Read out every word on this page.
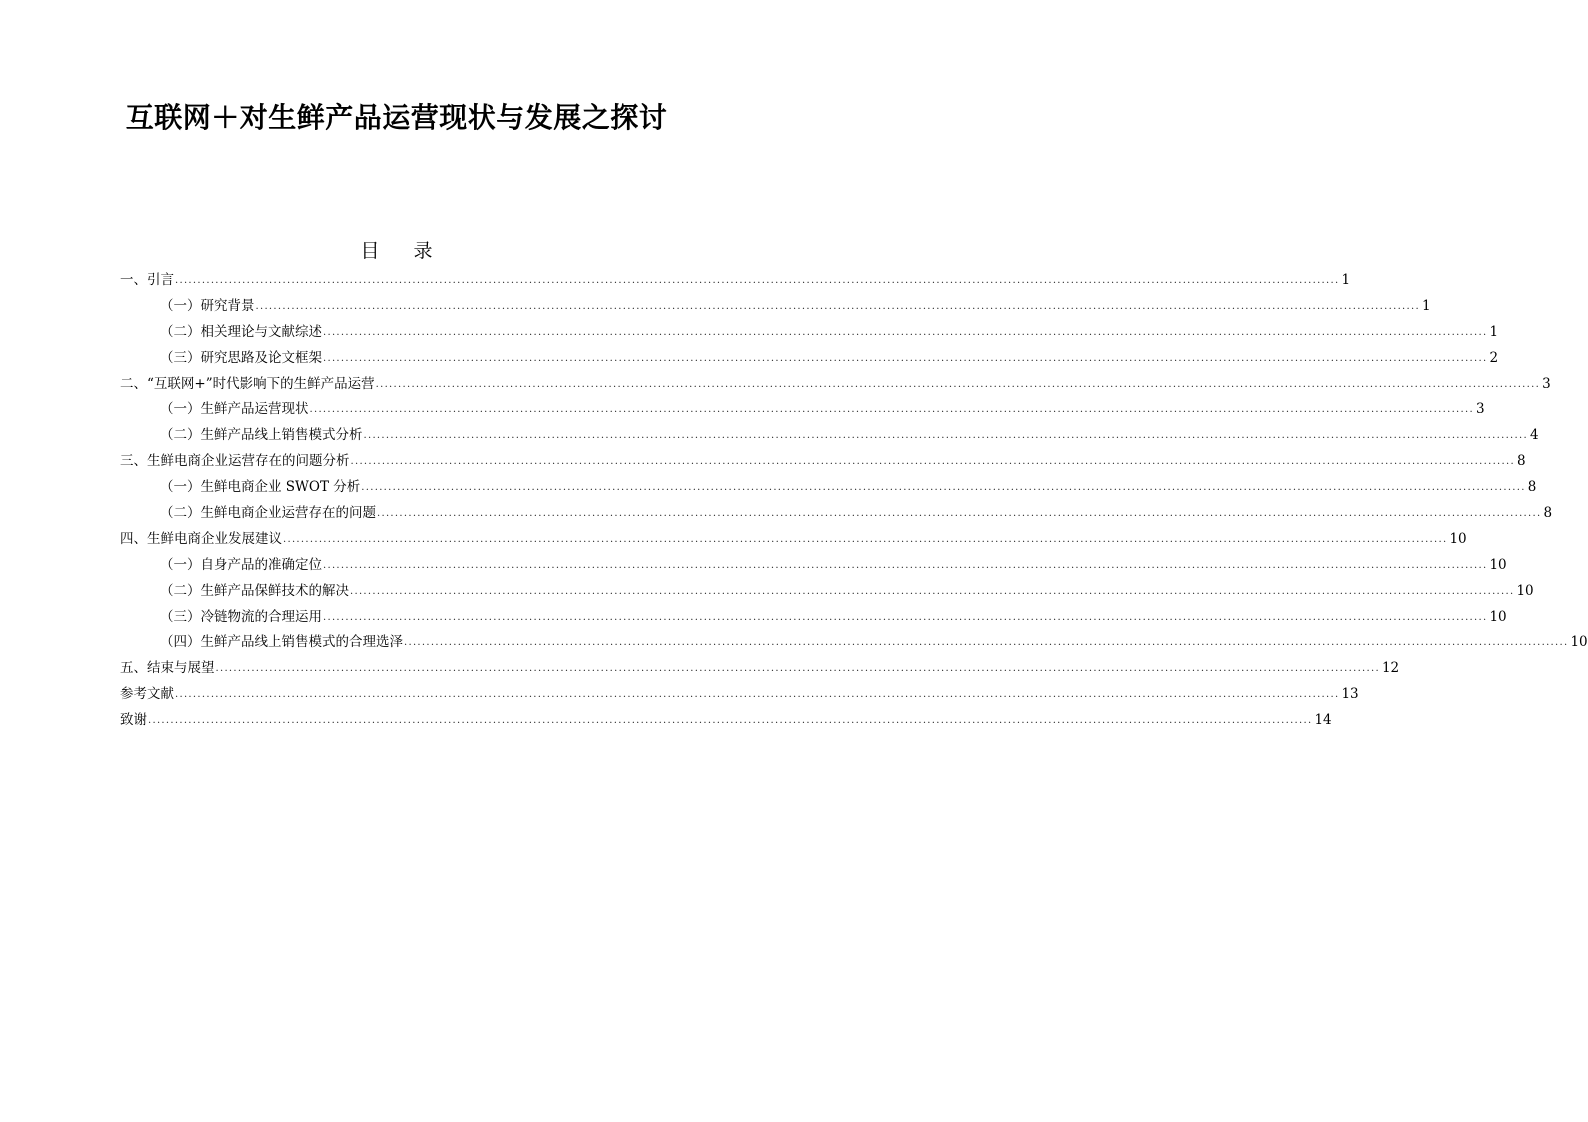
互联网＋对生鲜产品运营现状与发展之探讨
目 录
一、 引言 .................................................................................................................................................................................................................................................................... 1
（一） 研究背景 .................................................................................................................................................................................................................................................................... 1
（二） 相关理论与文献综述 .................................................................................................................................................................................................................................................................... 1
（三） 研究思路及论文框架 .................................................................................................................................................................................................................................................................... 2
二、 “互联网+”时代影响下的生鲜产品运营 .................................................................................................................................................................................................................................................................... 3
（一） 生鲜产品运营现状 .................................................................................................................................................................................................................................................................... 3
（二） 生鲜产品线上销售模式分析 .................................................................................................................................................................................................................................................................... 4
三、 生鲜电商企业运营存在的问题分析 .................................................................................................................................................................................................................................................................... 8
（一） 生鲜电商企业 SWOT 分析 .................................................................................................................................................................................................................................................................... 8
（二） 生鲜电商企业运营存在的问题 .................................................................................................................................................................................................................................................................... 8
四、 生鲜电商企业发展建议 .................................................................................................................................................................................................................................................................... 10
（一） 自身产品的准确定位 .................................................................................................................................................................................................................................................................... 10
（二） 生鲜产品保鲜技术的解决 .................................................................................................................................................................................................................................................................... 10
（三） 冷链物流的合理运用 .................................................................................................................................................................................................................................................................... 10
（四） 生鲜产品线上销售模式的合理选泽 .................................................................................................................................................................................................................................................................... 10
五、 结束与展望 .................................................................................................................................................................................................................................................................... 12
参考文献 .................................................................................................................................................................................................................................................................... 13
致谢 .................................................................................................................................................................................................................................................................... 14
